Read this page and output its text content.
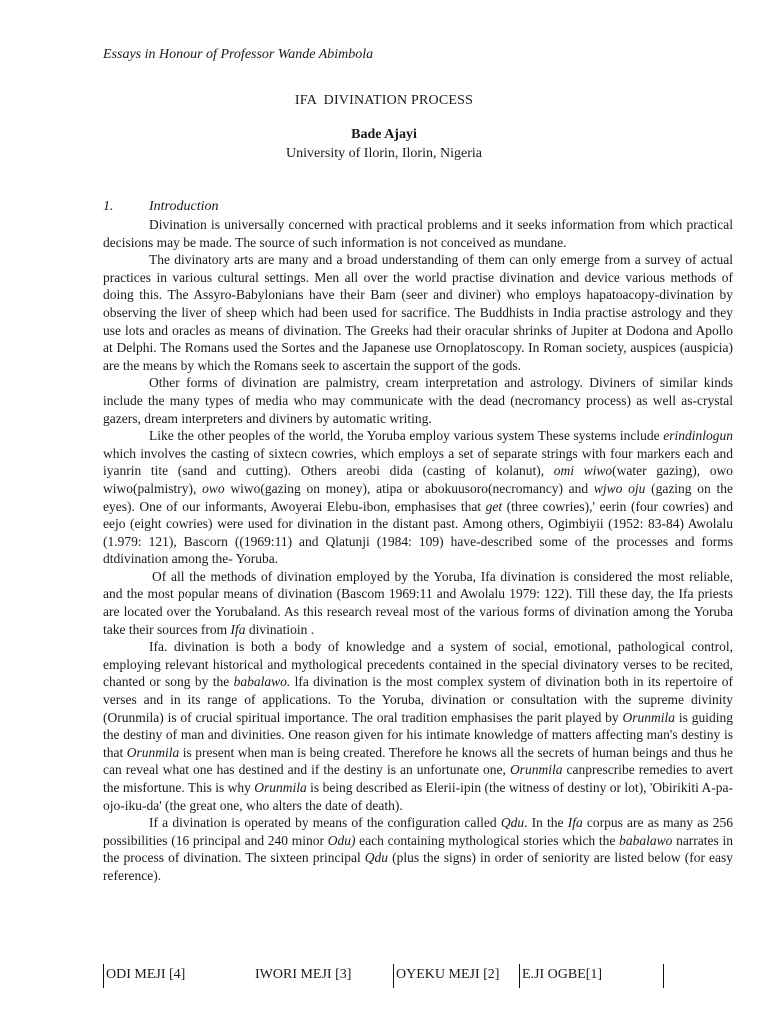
Essays in Honour of Professor Wande Abimbola
IFA  DIVINATION PROCESS
Bade Ajayi
University of Ilorin, Ilorin, Nigeria
1.	Introduction

Divination is universally concerned with practical problems and it seeks information from which practical decisions may be made. The source of such information is not conceived as mundane.

The divinatory arts are many and a broad understanding of them can only emerge from a survey of actual practices in various cultural settings. Men all over the world practise divination and device various methods of doing this. The Assyro-Babylonians have their Bam (seer and diviner) who employs hapatoacopy-divination by observing the liver of sheep which had been used for sacrifice. The Buddhists in India practise astrology and they use lots and oracles as means of divination. The Greeks had their oracular shrinks of Jupiter at Dodona and Apollo at Delphi. The Romans used the Sortes and the Japanese use Ornoplatoscopy. In Roman society, auspices (auspicia) are the means by which the Romans seek to ascertain the support of the gods.

Other forms of divination are palmistry, cream interpretation and astrology. Diviners of similar kinds include the many types of media who may communicate with the dead (necromancy process) as well as-crystal gazers, dream interpreters and diviners by automatic writing.

Like the other peoples of the world, the Yoruba employ various system These systems include erindinlogun which involves the casting of sixtecn cowries, which employs a set of separate strings with four markers each and iyanrin tite (sand and cutting). Others areobi dida (casting of kolanut), omi wiwo(water gazing), owo wiwo(palmistry), owo wiwo(gazing on money), atipa or abokuusoro(necromancy) and wjwo oju (gazing on the eyes). One of our informants, Awoyerai Elebu-ibon, emphasises that get (three cowries),' eerin (four cowries) and eejo (eight cowries) were used for divination in the distant past. Among others, Ogimbiyii (1952: 83-84) Awolalu (1.979: 121), Bascorn ((1969:11) and Qlatunji (1984: 109) have-described some of the processes and forms dtdivination among the- Yoruba.

Of all the methods of divination employed by the Yoruba, Ifa divination is considered the most reliable, and the most popular means of divination (Bascom 1969:11 and Awolalu 1979: 122). Till these day, the Ifa priests are located over the Yorubaland. As this research reveal most of the various forms of divination among the Yoruba take their sources from Ifa divinatioin .

Ifa. divination is both a body of knowledge and a system of social, emotional, pathological control, employing relevant historical and mythological precedents contained in the special divinatory verses to be recited, chanted or song by the babalawo. lfa divination is the most complex system of divination both in its repertoire of verses and in its range of applications. To the Yoruba, divination or consultation with the supreme divinity (Orunmila) is of crucial spiritual importance. The oral tradition emphasises the parit played by Orunmila is guiding the destiny of man and divinities. One reason given for his intimate knowledge of matters affecting man's destiny is that Orunmila is present when man is being created. Therefore he knows all the secrets of human beings and thus he can reveal what one has destined and if the destiny is an unfortunate one, Orunmila canprescribe remedies to avert the misfortune. This is why Orunmila is being described as Elerii-ipin (the witness of destiny or lot), 'Obirikiti A-pa-ojo-iku-da' (the great one, who alters the date of death).

If a divination is operated by means of the configuration called Qdu. In the Ifa corpus are as many as 256 possibilities (16 principal and 240 minor Odu) each containing mythological stories which the babalawo narrates in the process of divination. The sixteen principal Qdu (plus the signs) in order of seniority are listed below (for easy reference).

ODI MEJI [4]	IWORI MEJI [3]	OYEKU MEJI [2] E.JI OGBE[1]
